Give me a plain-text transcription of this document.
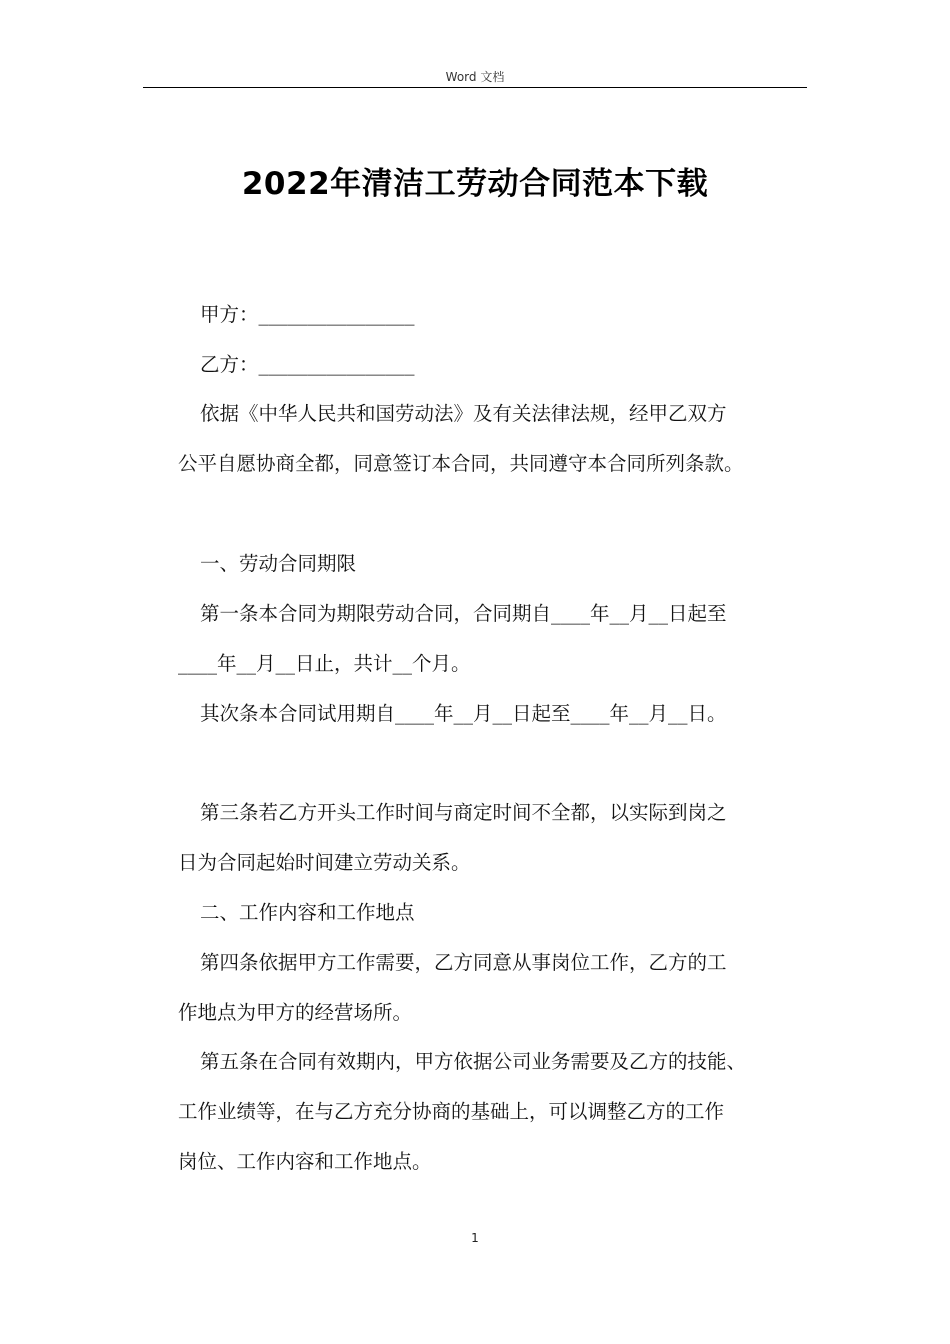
Word 文档
2022年清洁工劳动合同范本下载
甲方：________________
乙方：________________
依据《中华人民共和国劳动法》及有关法律法规，经甲乙双方
公平自愿协商全都，同意签订本合同，共同遵守本合同所列条款。
一、劳动合同期限
第一条本合同为期限劳动合同，合同期自____年__月__日起至
____年__月__日止，共计__个月。
其次条本合同试用期自____年__月__日起至____年__月__日。
第三条若乙方开头工作时间与商定时间不全都，以实际到岗之
日为合同起始时间建立劳动关系。
二、工作内容和工作地点
第四条依据甲方工作需要，乙方同意从事岗位工作，乙方的工
作地点为甲方的经营场所。
第五条在合同有效期内，甲方依据公司业务需要及乙方的技能、
工作业绩等，在与乙方充分协商的基础上，可以调整乙方的工作
岗位、工作内容和工作地点。
1
